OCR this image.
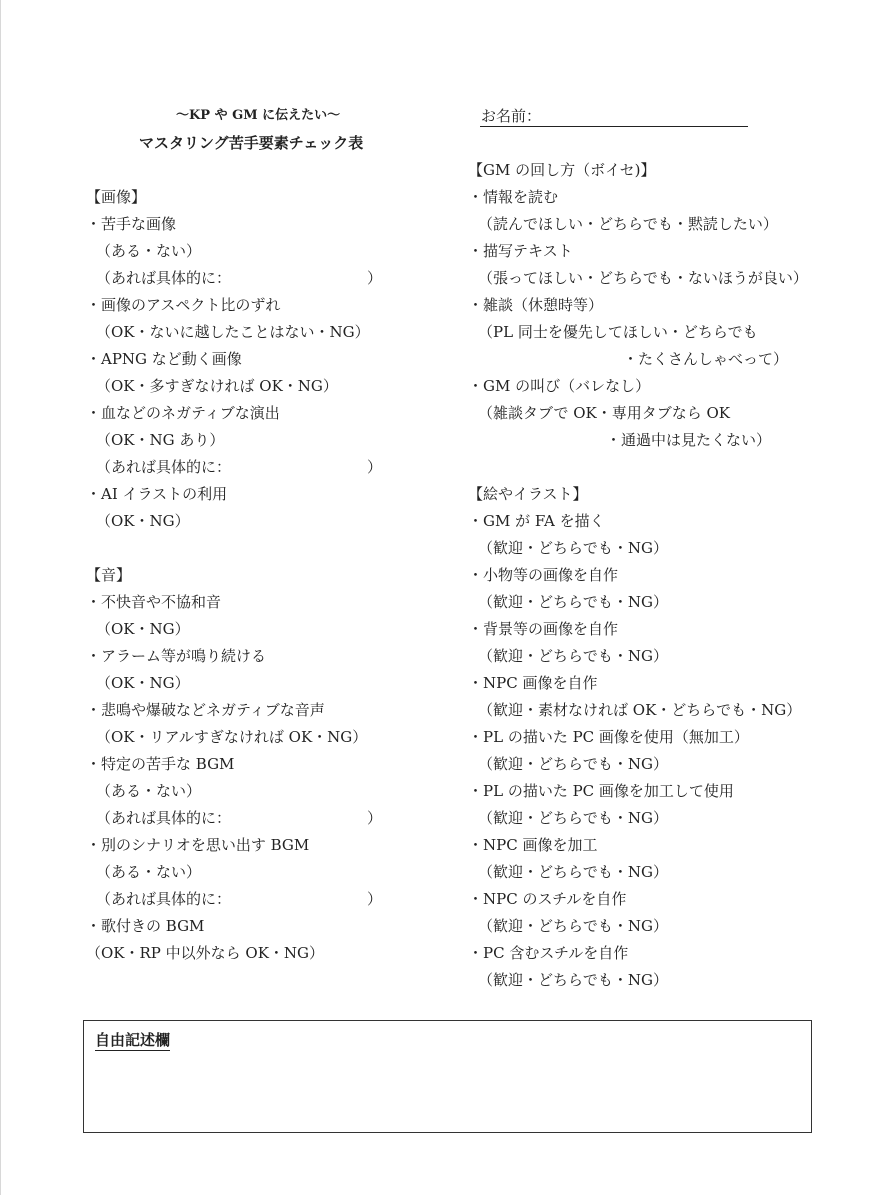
〜KP や GM に伝えたい〜
マスタリング苦手要素チェック表
お名前：
【画像】
・苦手な画像
（ある・ない）
（あれば具体的に：	）
・画像のアスペクト比のずれ
（OK・ないに越したことはない・NG）
・APNG など動く画像
（OK・多すぎなければ OK・NG）
・血などのネガティブな演出
（OK・NG あり）
（あれば具体的に：	）
・AI イラストの利用
（OK・NG）
【音】
・不快音や不協和音
（OK・NG）
・アラーム等が鳴り続ける
（OK・NG）
・悲鳴や爆破などネガティブな音声
（OK・リアルすぎなければ OK・NG）
・特定の苦手な BGM
（ある・ない）
（あれば具体的に：	）
・別のシナリオを思い出す BGM
（ある・ない）
（あれば具体的に：	）
・歌付きの BGM
（OK・RP 中以外なら OK・NG）
【GM の回し方（ボイセ)】
・情報を読む
（読んでほしい・どちらでも・黙読したい）
・描写テキスト
（張ってほしい・どちらでも・ないほうが良い）
・雑談（休憩時等）
（PL 同士を優先してほしい・どちらでも
・たくさんしゃべって）
・GM の叫び（バレなし）
（雑談タブで OK・専用タブなら OK
・通過中は見たくない）
【絵やイラスト】
・GM が FA を描く
（歓迎・どちらでも・NG）
・小物等の画像を自作
（歓迎・どちらでも・NG）
・背景等の画像を自作
（歓迎・どちらでも・NG）
・NPC 画像を自作
（歓迎・素材なければ OK・どちらでも・NG）
・PL の描いた PC 画像を使用（無加工）
（歓迎・どちらでも・NG）
・PL の描いた PC 画像を加工して使用
（歓迎・どちらでも・NG）
・NPC 画像を加工
（歓迎・どちらでも・NG）
・NPC のスチルを自作
（歓迎・どちらでも・NG）
・PC 含むスチルを自作
（歓迎・どちらでも・NG）
自由記述欄
